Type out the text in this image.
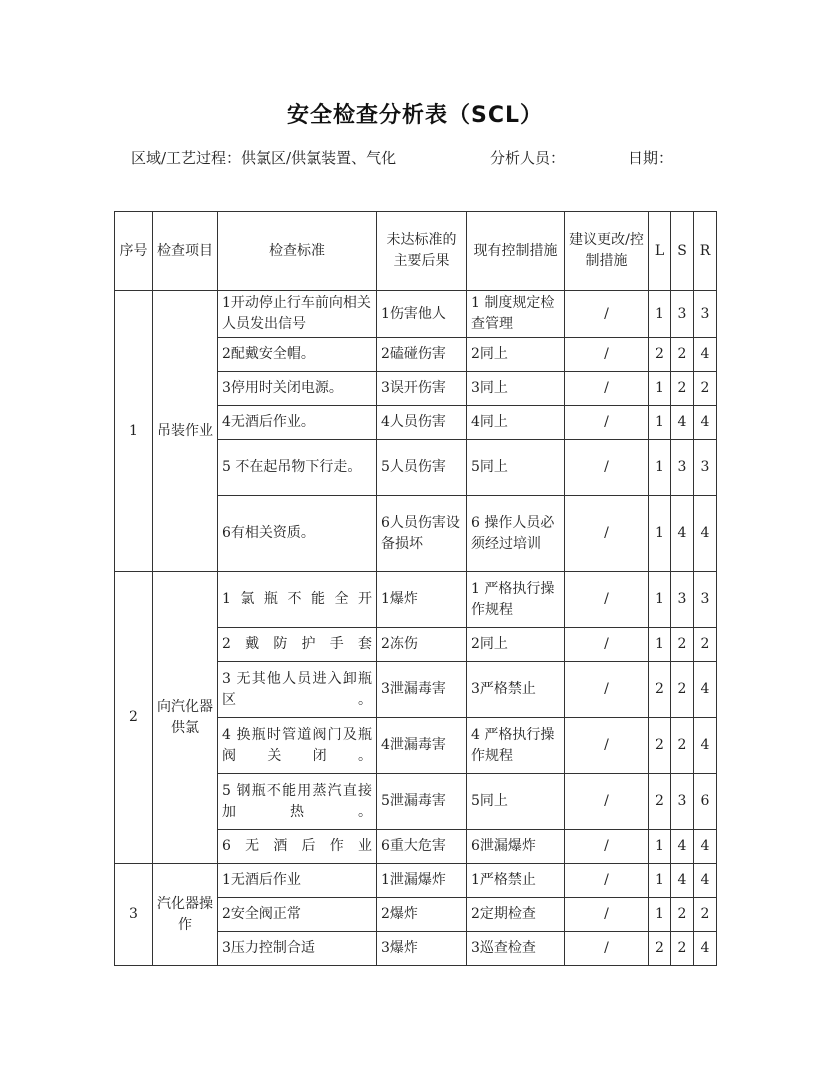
安全检查分析表（SCL）
区域/工艺过程：供氯区/供氯装置、气化	分析人员：	日期：
序号	检查项目	检查标准	未达标准的主要后果	现有控制措施	建议更改/控制措施	L	S	R
1	吊装作业	1开动停止行车前向相关人员发出信号	1伤害他人	1 制度规定检查管理	/	1	3	3
		2配戴安全帽。	2磕碰伤害	2同上	/	2	2	4
		3停用时关闭电源。	3误开伤害	3同上	/	1	2	2
		4无酒后作业。	4人员伤害	4同上	/	1	4	4
		5 不在起吊物下行走。	5人员伤害	5同上	/	1	3	3
		6有相关资质。	6人员伤害设备损坏	6 操作人员必须经过培训	/	1	4	4
2	向汽化器供氯	1氯瓶不能全开	1爆炸	1 严格执行操作规程	/	1	3	3
		2戴防护手套	2冻伤	2同上	/	1	2	2
		3 无其他人员进入卸瓶区。	3泄漏毒害	3严格禁止	/	2	2	4
		4 换瓶时管道阀门及瓶阀关闭。	4泄漏毒害	4 严格执行操作规程	/	2	2	4
		5 钢瓶不能用蒸汽直接加热。	5泄漏毒害	5同上	/	2	3	6
		6无酒后作业	6重大危害	6泄漏爆炸	/	1	4	4
3	汽化器操作	1无酒后作业	1泄漏爆炸	1严格禁止	/	1	4	4
		2安全阀正常	2爆炸	2定期检查	/	1	2	2
		3压力控制合适	3爆炸	3巡查检查	/	2	2	4
